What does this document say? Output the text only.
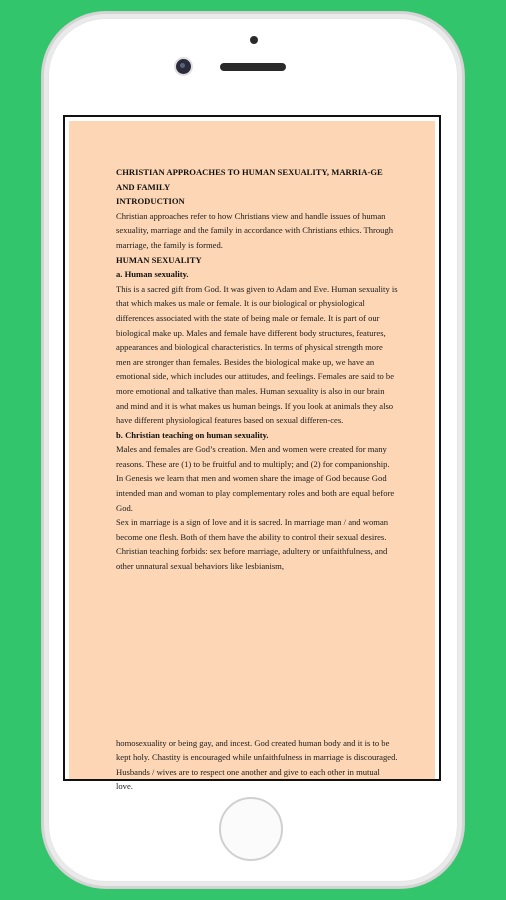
CHRISTIAN APPROACHES TO HUMAN SEXUALITY, MARRIA-GE AND FAMILY

INTRODUCTION

Christian approaches refer to how Christians view and handle issues of human sexuality, marriage and the family in accordance with Christians ethics. Through marriage, the family is formed.

HUMAN SEXUALITY

a. Human sexuality.

This is a sacred gift from God. It was given to Adam and Eve. Human sexuality is that which makes us male or female. It is our biological or physiological differences associated with the state of being male or female. It is part of our biological make up. Males and female have different body structures, features, appearances and biological characteristics. In terms of physical strength more men are stronger than females. Besides the biological make up, we have an emotional side, which includes our attitudes, and feelings. Females are said to be more emotional and talkative than males. Human sexuality is also in our brain and mind and it is what makes us human beings. If you look at animals they also have different physiological features based on sexual differen-ces.

b. Christian teaching on human sexuality.

Males and females are God’s creation. Men and women were created for many reasons. These are (1) to be fruitful and to multiply; and (2) for companionship. In Genesis we learn that men and women share the image of God because God intended man and woman to play complementary roles and both are equal before God.

Sex in marriage is a sign of love and it is sacred. In marriage man / and woman become one flesh. Both of them have the ability to control their sexual desires. Christian teaching forbids: sex before marriage, adultery or unfaithfulness, and other unnatural sexual behaviors like lesbianism,

homosexuality or being gay, and incest. God created human body and it is to be kept holy. Chastity is encouraged while unfaithfulness in marriage is discouraged. Husbands / wives are to respect one another and give to each other in mutual love.
